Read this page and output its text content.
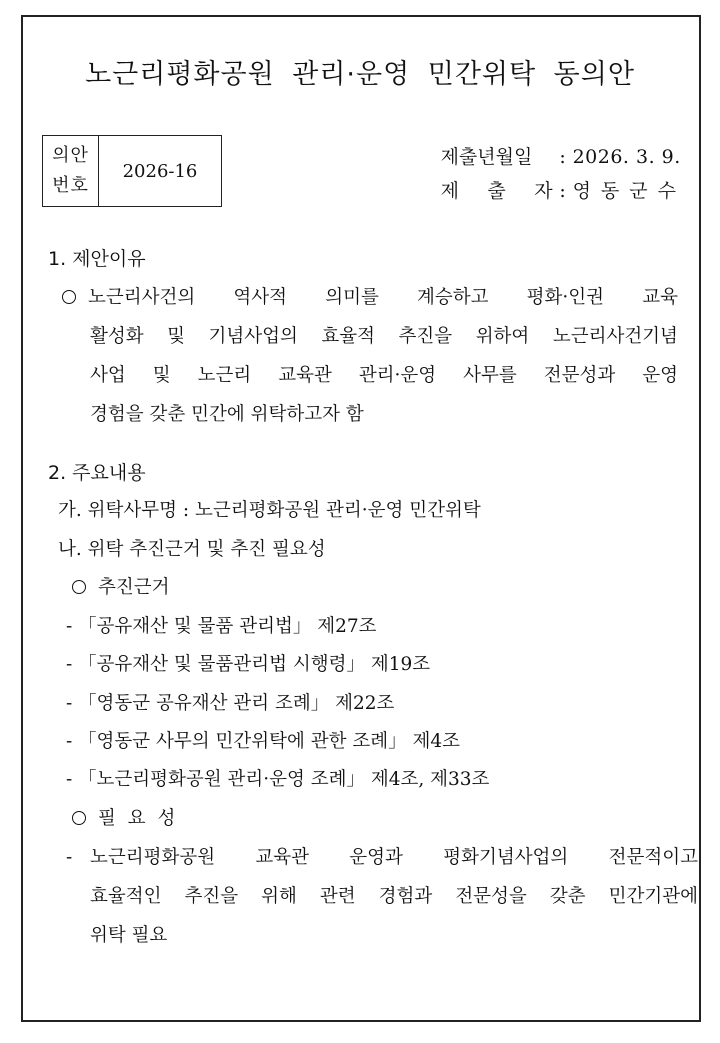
노근리평화공원 관리·운영 민간위탁 동의안
의안
번호
	2026-16
제출년월일	: 2026. 3. 9.
제 출 자 : 영동군수
1. 제안이유
노근리사건의 역사적 의미를 계승하고 평화·인권 교육
활성화 및 기념사업의 효율적 추진을 위하여 노근리사건기념
사업 및 노근리 교육관 관리·운영 사무를 전문성과 운영
경험을 갖춘 민간에 위탁하고자 함
2. 주요내용
가. 위탁사무명 : 노근리평화공원 관리·운영 민간위탁
나. 위탁 추진근거 및 추진 필요성
추진근거
- 「공유재산 및 물품 관리법」 제27조
- 「공유재산 및 물품관리법 시행령」 제19조
- 「영동군 공유재산 관리 조례」 제22조
- 「영동군 사무의 민간위탁에 관한 조례」 제4조
- 「노근리평화공원 관리·운영 조례」 제4조, 제33조
필 요 성
- 노근리평화공원 교육관 운영과 평화기념사업의 전문적이고
효율적인 추진을 위해 관련 경험과 전문성을 갖춘 민간기관에
위탁 필요
